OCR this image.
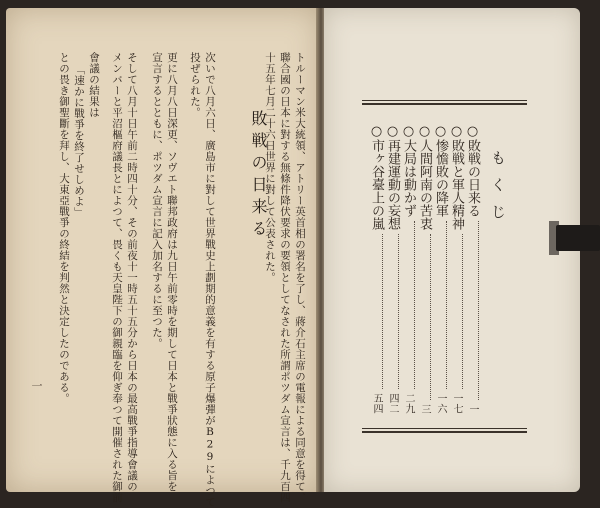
敗戦の日来る トルーマン米大統領、アトリー英首相の署名を了し、蔣介石主席の電報による同意を得て、
聯合國の日本に對する無條件降伏要求の要領としてなされた所謂ポツダム宣言は、千九百四
十五年七月二十六日世界に對して公表された。
次いで八月六日、廣島市に對して世界戰史上劃期的意義を有する原子爆彈がB29によつて
投ぜられた。
更に八月八日深更、ソヴエト聯邦政府は九日午前零時を期して日本と戰爭狀態に入る旨を
宣言するとともに、ポツダム宣言に記入加名するに至つた。
そして八月十日午前二時四十分、その前夜十一時五十五分から日本の最高戰爭指導會議の
メンバーと平沼樞府議長とによつて、畏くも天皇陛下の御親臨を仰ぎ奉つて開催された御前
會議の結果は
「速かに戰爭を終了せしめよ」
との畏き御聖斷を拜し、大東亞戰爭の終結を判然と決定したのである。
一
もくじ
○敗戦の日来る
一
○敗戦と軍人精神
一七
○惨憺敗の降軍
一六
○人間阿南の苦衷
三
○大局は動かず
二九
○再建運動の妄想
四二
○市ヶ谷臺上の嵐
五四
